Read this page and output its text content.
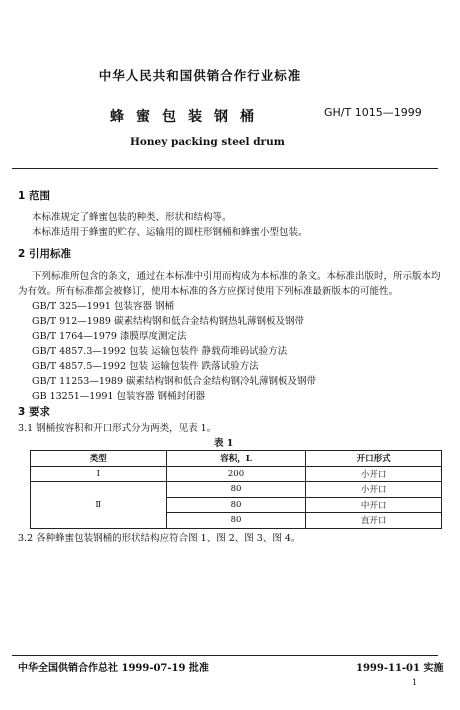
中华人民共和国供销合作行业标准
蜂蜜包装钢桶	GH/T 1015—1999
Honey packing steel drum
1 范围
本标准规定了蜂蜜包装的种类、形状和结构等。
本标准适用于蜂蜜的贮存、运输用的圆柱形钢桶和蜂蜜小型包装。
2 引用标准
下列标准所包含的条文，通过在本标准中引用而构成为本标准的条文。本标准出版时，所示版本均
为有效。所有标准都会被修订，使用本标准的各方应探讨使用下列标准最新版本的可能性。
GB/T 325—1991 包装容器 钢桶
GB/T 912—1989 碳素结构钢和低合金结构钢热轧薄钢板及钢带
GB/T 1764—1979 漆膜厚度测定法
GB/T 4857.3—1992 包装 运输包装件 静载荷堆码试验方法
GB/T 4857.5—1992 包装 运输包装件 跌落试验方法
GB/T 11253—1989 碳素结构钢和低合金结构钢冷轧薄钢板及钢带
GB 13251—1991 包装容器 钢桶封闭器
3 要求
3.1 钢桶按容积和开口形式分为两类，见表 1。
表 1
类型	容积，L	开口形式
Ⅰ	200	小开口
Ⅱ	80	小开口
	80	中开口
	80	直开口
3.2 各种蜂蜜包装钢桶的形状结构应符合图 1、图 2、图 3、图 4。
中华全国供销合作总社 1999-07-19 批准	1999-11-01 实施
1
